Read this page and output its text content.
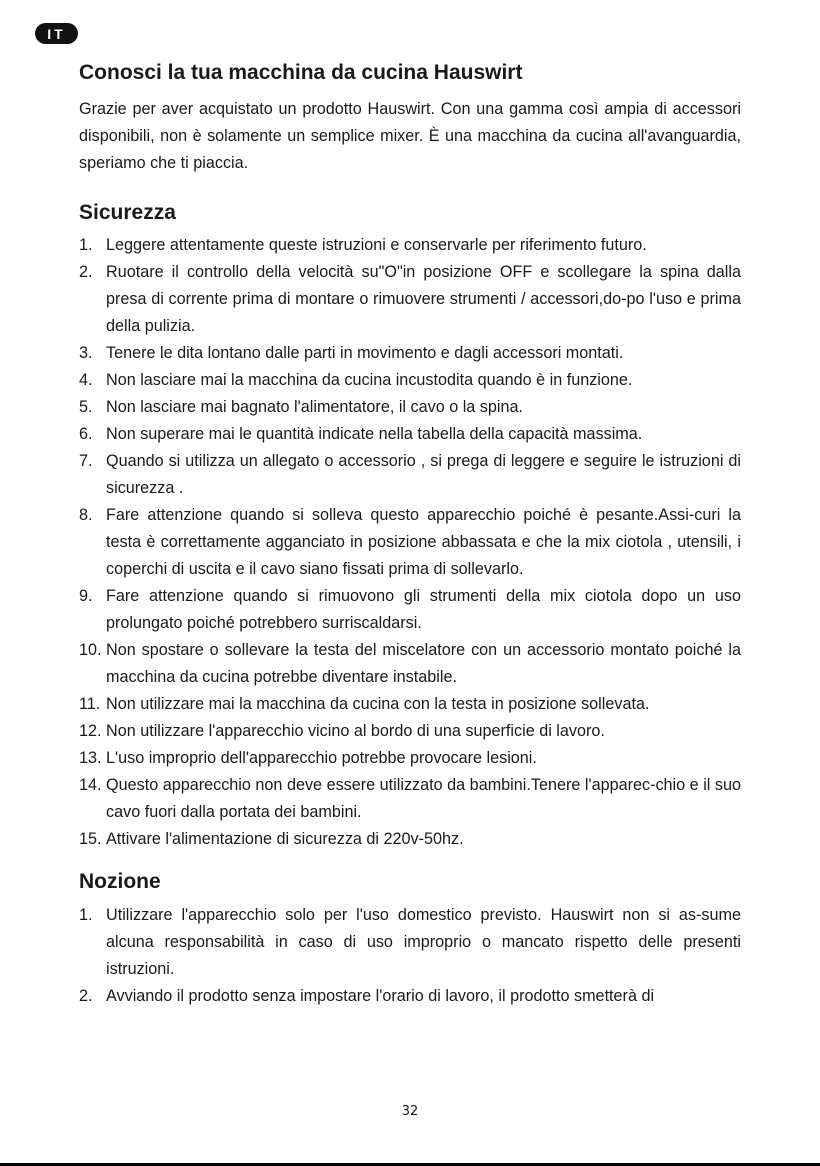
IT
Conosci la tua macchina da cucina Hauswirt

Grazie per aver acquistato un prodotto Hauswirt. Con una gamma così ampia di accessori disponibili, non è solamente un semplice mixer. È una macchina da cucina all'avanguardia, speriamo che ti piaccia.

Sicurezza
1. Leggere attentamente queste istruzioni e conservarle per riferimento futuro.
2. Ruotare il controllo della velocità su"O"in posizione OFF e scollegare la spina dalla presa di corrente prima di montare o rimuovere strumenti / accessori,do-po l'uso e prima della pulizia.
3. Tenere le dita lontano dalle parti in movimento e dagli accessori montati.
4. Non lasciare mai la macchina da cucina incustodita quando è in funzione.
5. Non lasciare mai bagnato l'alimentatore, il cavo o la spina.
6. Non superare mai le quantità indicate nella tabella della capacità massima.
7. Quando si utilizza un allegato o accessorio , si prega di leggere e seguire le istruzioni di sicurezza .
8. Fare attenzione quando si solleva questo apparecchio poiché è pesante.Assi-curi la testa è correttamente agganciato in posizione abbassata e che la mix ciotola , utensili, i coperchi di uscita e il cavo siano fissati prima di sollevarlo.
9. Fare attenzione quando si rimuovono gli strumenti della mix ciotola dopo un uso prolungato poiché potrebbero surriscaldarsi.
10. Non spostare o sollevare la testa del miscelatore con un accessorio montato poiché la macchina da cucina potrebbe diventare instabile.
11. Non utilizzare mai la macchina da cucina con la testa in posizione sollevata.
12. Non utilizzare l'apparecchio vicino al bordo di una superficie di lavoro.
13. L'uso improprio dell'apparecchio potrebbe provocare lesioni.
14. Questo apparecchio non deve essere utilizzato da bambini.Tenere l'apparec-chio e il suo cavo fuori dalla portata dei bambini.
15. Attivare l'alimentazione di sicurezza di 220v-50hz.
Nozione
1. Utilizzare l'apparecchio solo per l'uso domestico previsto. Hauswirt non si as-sume alcuna responsabilità in caso di uso improprio o mancato rispetto delle presenti istruzioni.
2. Avviando il prodotto senza impostare l'orario di lavoro, il prodotto smetterà di
32
